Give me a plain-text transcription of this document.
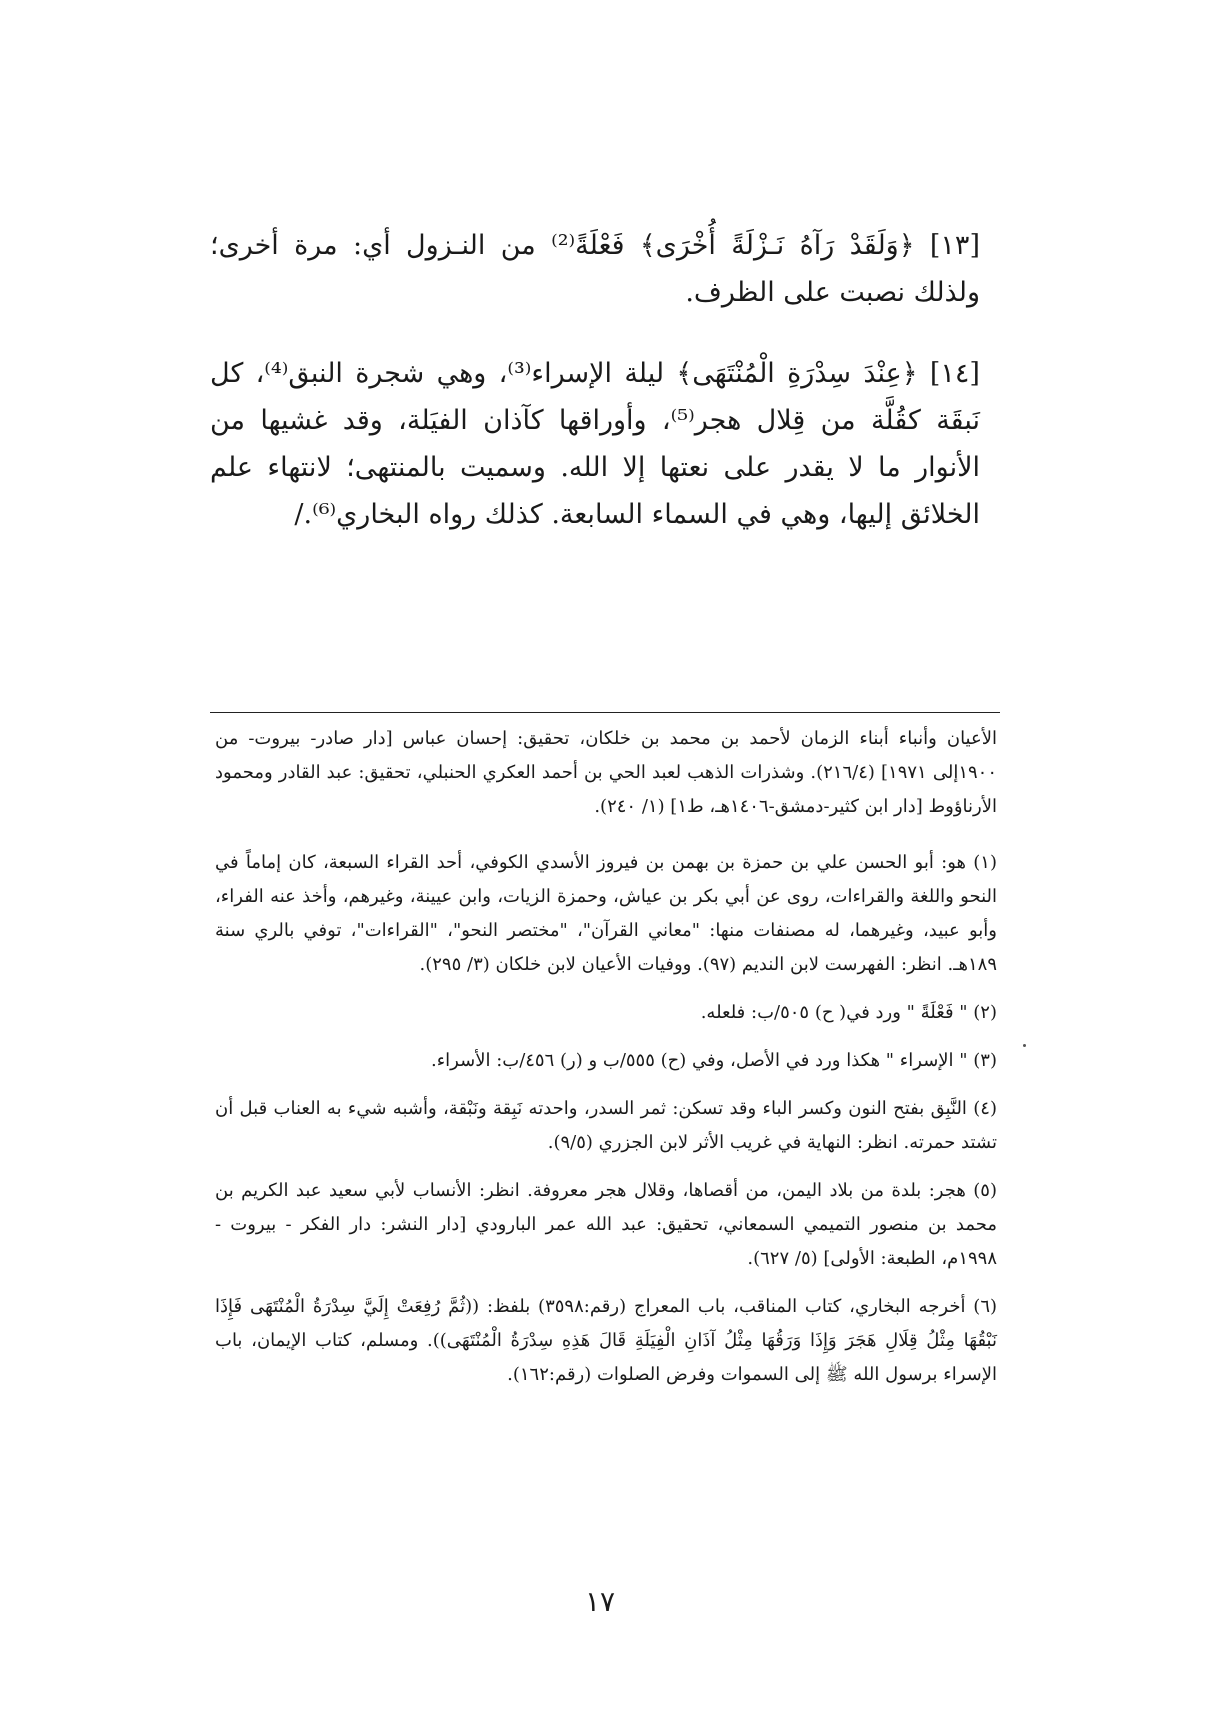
[١٣] ﴿وَلَقَدْ رَآهُ نَـزْلَةً أُخْرَى﴾ فَعْلَةً⁽²⁾ من النـزول أي: مرة أخرى؛ ولذلك نصبت على الظرف.

[١٤] ﴿عِنْدَ سِدْرَةِ الْمُنْتَهَى﴾ ليلة الإسراء⁽³⁾، وهي شجرة النبق⁽⁴⁾، كل نَبقَة كقُلَّة من قِلال هجر⁽⁵⁾، وأوراقها كآذان الفيَلة، وقد غشيها من الأنوار ما لا يقدر على نعتها إلا الله. وسميت بالمنتهى؛ لانتهاء علم الخلائق إليها، وهي في السماء السابعة. كذلك رواه البخاري⁽⁶⁾./

الأعيان وأنباء أبناء الزمان لأحمد بن محمد بن خلكان، تحقيق: إحسان عباس [دار صادر- بيروت- من ١٩٠٠إلى ١٩٧١] (٢١٦/٤). وشذرات الذهب لعبد الحي بن أحمد العكري الحنبلي، تحقيق: عبد القادر ومحمود الأرناؤوط [دار ابن كثير-دمشق-١٤٠٦هـ، ط١] (١/ ٢٤٠).

(١) هو: أبو الحسن علي بن حمزة بن بهمن بن فيروز الأسدي الكوفي، أحد القراء السبعة، كان إماماً في النحو واللغة والقراءات، روى عن أبي بكر بن عياش، وحمزة الزيات، وابن عيينة، وغيرهم، وأخذ عنه الفراء، وأبو عبيد، وغيرهما، له مصنفات منها: "معاني القرآن"، "مختصر النحو"، "القراءات"، توفي بالري سنة ١٨٩هـ. انظر: الفهرست لابن النديم (٩٧). ووفيات الأعيان لابن خلكان (٣/ ٢٩٥).

(٢) " فَعْلَةً " ورد في( ح) ٥٠٥/ب: فلعله.

(٣) " الإسراء " هكذا ورد في الأصل، وفي (ح) ٥٥٥/ب و (ر) ٤٥٦/ب: الأسراء.

(٤) النَّبِق بفتح النون وكسر الباء وقد تسكن: ثمر السدر، واحدته نَبِقة ونَبْقة، وأشبه شيء به العناب قبل أن تشتد حمرته. انظر: النهاية في غريب الأثر لابن الجزري (٩/٥).

(٥) هجر: بلدة من بلاد اليمن، من أقصاها، وقلال هجر معروفة. انظر: الأنساب لأبي سعيد عبد الكريم بن محمد بن منصور التميمي السمعاني، تحقيق: عبد الله عمر البارودي [دار النشر: دار الفكر - بيروت - ١٩٩٨م، الطبعة: الأولى] (٥/ ٦٢٧).

(٦) أخرجه البخاري، كتاب المناقب، باب المعراج (رقم:٣٥٩٨) بلفظ: ((ثُمَّ رُفِعَتْ إِلَيَّ سِدْرَةُ الْمُنْتَهَى فَإِذَا نَبْقُهَا مِثْلُ قِلَالِ هَجَرَ وَإِذَا وَرَقُهَا مِثْلُ آذَانِ الْفِيَلَةِ قَالَ هَذِهِ سِدْرَةُ الْمُنْتَهَى)). ومسلم، كتاب الإيمان، باب الإسراء برسول الله ﷺ إلى السموات وفرض الصلوات (رقم:١٦٢).

١٧
